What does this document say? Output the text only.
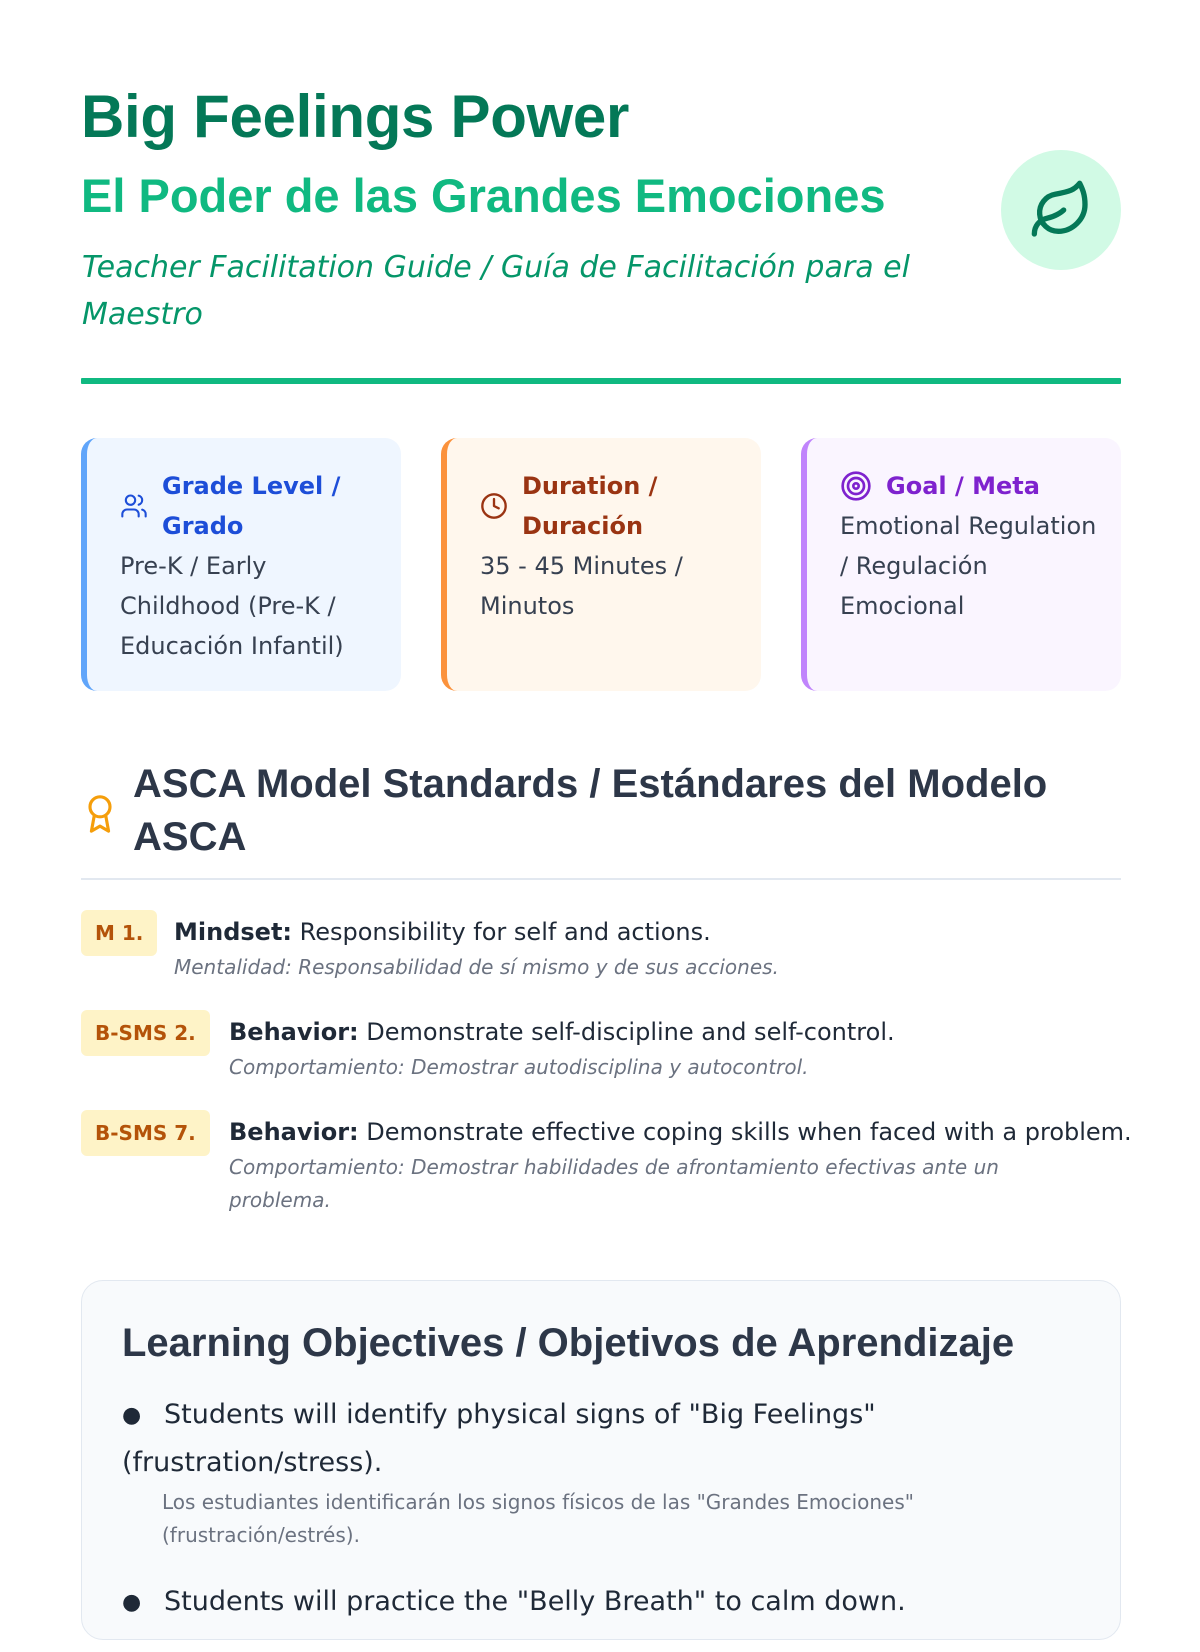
Big Feelings Power
El Poder de las Grandes Emociones
Teacher Facilitation Guide / Guía de Facilitación para el Maestro
Grade Level / Grado
Pre-K / Early Childhood (Pre-K / Educación Infantil)
Duration / Duración
35 - 45 Minutes / Minutos
Goal / Meta
Emotional Regulation / Regulación Emocional
ASCA Model Standards / Estándares del Modelo ASCA
M 1.	Mindset: Responsibility for self and actions.
Mentalidad: Responsabilidad de sí mismo y de sus acciones.
B-SMS 2.	Behavior: Demonstrate self-discipline and self-control.
Comportamiento: Demostrar autodisciplina y autocontrol.
B-SMS 7.	Behavior: Demonstrate effective coping skills when faced with a problem.
Comportamiento: Demostrar habilidades de afrontamiento efectivas ante un problema.
Learning Objectives / Objetivos de Aprendizaje
● Students will identify physical signs of "Big Feelings" (frustration/stress).
Los estudiantes identificarán los signos físicos de las "Grandes Emociones" (frustración/estrés).
● Students will practice the "Belly Breath" to calm down.
